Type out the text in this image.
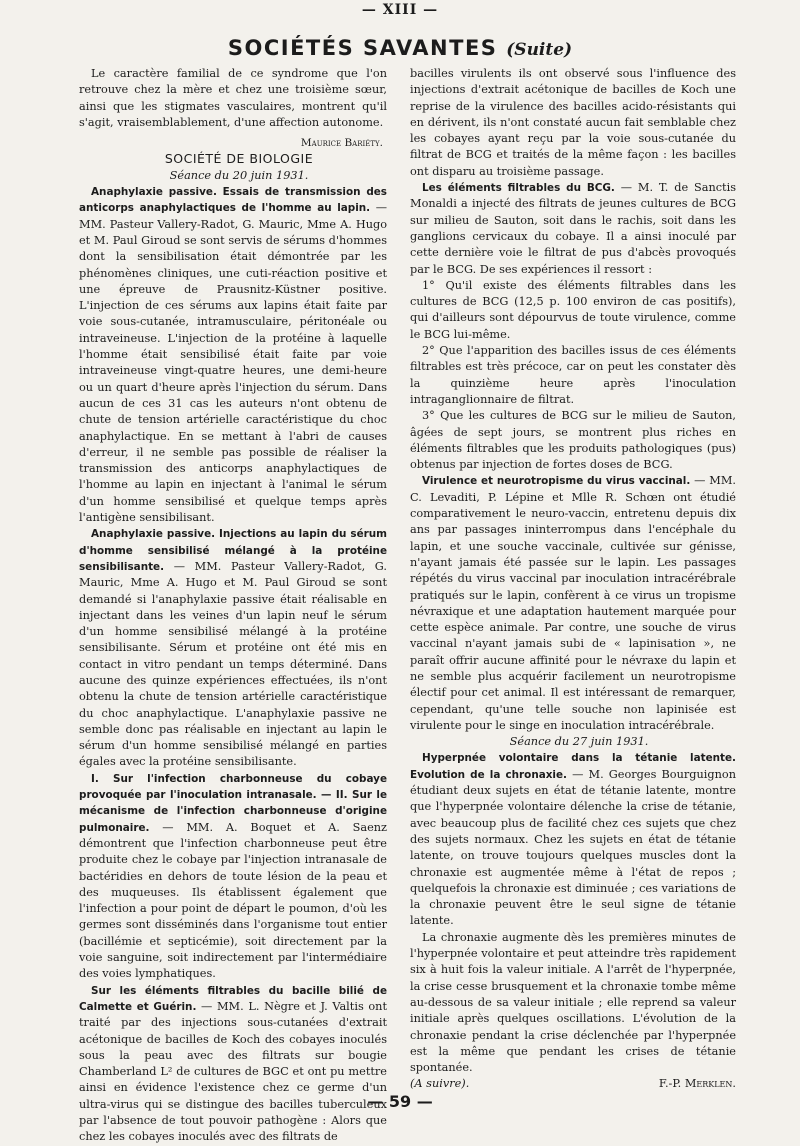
— XIII —
SOCIÉTÉS SAVANTES (Suite)

Le caractère familial de ce syndrome que l'on retrouve chez la mère et chez une troisième sœur, ainsi que les stigmates vasculaires, montrent qu'il s'agit, vraisemblablement, d'une affection autonome.

Maurice Bariéty.

SOCIÉTÉ DE BIOLOGIE

Séance du 20 juin 1931.

Anaphylaxie passive. Essais de transmission des anticorps anaphylactiques de l'homme au lapin. — MM. Pasteur Vallery-Radot, G. Mauric, Mme A. Hugo et M. Paul Giroud se sont servis de sérums d'hommes dont la sensibilisation était démontrée par les phénomènes cliniques, une cuti-réaction positive et une épreuve de Prausnitz-Küstner positive. L'injection de ces sérums aux lapins était faite par voie sous-cutanée, intramusculaire, péritonéale ou intraveineuse. L'injection de la protéine à laquelle l'homme était sensibilisé était faite par voie intraveineuse vingt-quatre heures, une demi-heure ou un quart d'heure après l'injection du sérum. Dans aucun de ces 31 cas les auteurs n'ont obtenu de chute de tension artérielle caractéristique du choc anaphylactique. En se mettant à l'abri de causes d'erreur, il ne semble pas possible de réaliser la transmission des anticorps anaphylactiques de l'homme au lapin en injectant à l'animal le sérum d'un homme sensibilisé et quelque temps après l'antigène sensibilisant.

Anaphylaxie passive. Injections au lapin du sérum d'homme sensibilisé mélangé à la protéine sensibilisante. — MM. Pasteur Vallery-Radot, G. Mauric, Mme A. Hugo et M. Paul Giroud se sont demandé si l'anaphylaxie passive était réalisable en injectant dans les veines d'un lapin neuf le sérum d'un homme sensibilisé mélangé à la protéine sensibilisante. Sérum et protéine ont été mis en contact in vitro pendant un temps déterminé. Dans aucune des quinze expériences effectuées, ils n'ont obtenu la chute de tension artérielle caractéristique du choc anaphylactique. L'anaphylaxie passive ne semble donc pas réalisable en injectant au lapin le sérum d'un homme sensibilisé mélangé en parties égales avec la protéine sensibilisante.

I. Sur l'infection charbonneuse du cobaye provoquée par l'inoculation intranasale. — II. Sur le mécanisme de l'infection charbonneuse d'origine pulmonaire. — MM. A. Boquet et A. Saenz démontrent que l'infection charbonneuse peut être produite chez le cobaye par l'injection intranasale de bactéridies en dehors de toute lésion de la peau et des muqueuses. Ils établissent également que l'infection a pour point de départ le poumon, d'où les germes sont disséminés dans l'organisme tout entier (bacillémie et septicémie), soit directement par la voie sanguine, soit indirectement par l'intermédiaire des voies lymphatiques.

Sur les éléments filtrables du bacille bilié de Calmette et Guérin. — MM. L. Nègre et J. Valtis ont traité par des injections sous-cutanées d'extrait acétonique de bacilles de Koch des cobayes inoculés sous la peau avec des filtrats sur bougie Chamberland L² de cultures de BGC et ont pu mettre ainsi en évidence l'existence chez ce germe d'un ultra-virus qui se distingue des bacilles tuberculeux par l'absence de tout pouvoir pathogène : Alors que chez les cobayes inoculés avec des filtrats de

bacilles virulents ils ont observé sous l'influence des injections d'extrait acétonique de bacilles de Koch une reprise de la virulence des bacilles acido-résistants qui en dérivent, ils n'ont constaté aucun fait semblable chez les cobayes ayant reçu par la voie sous-cutanée du filtrat de BCG et traités de la même façon : les bacilles ont disparu au troisième passage.

Les éléments filtrables du BCG. — M. T. de Sanctis Monaldi a injecté des filtrats de jeunes cultures de BCG sur milieu de Sauton, soit dans le rachis, soit dans les ganglions cervicaux du cobaye. Il a ainsi inoculé par cette dernière voie le filtrat de pus d'abcès provoqués par le BCG. De ses expériences il ressort :

1° Qu'il existe des éléments filtrables dans les cultures de BCG (12,5 p. 100 environ de cas positifs), qui d'ailleurs sont dépourvus de toute virulence, comme le BCG lui-même.

2° Que l'apparition des bacilles issus de ces éléments filtrables est très précoce, car on peut les constater dès la quinzième heure après l'inoculation intraganglionnaire de filtrat.

3° Que les cultures de BCG sur le milieu de Sauton, âgées de sept jours, se montrent plus riches en éléments filtrables que les produits pathologiques (pus) obtenus par injection de fortes doses de BCG.

Virulence et neurotropisme du virus vaccinal. — MM. C. Levaditi, P. Lépine et Mlle R. Schœn ont étudié comparativement le neuro-vaccin, entretenu depuis dix ans par passages ininterrompus dans l'encéphale du lapin, et une souche vaccinale, cultivée sur génisse, n'ayant jamais été passée sur le lapin. Les passages répétés du virus vaccinal par inoculation intracérébrale pratiqués sur le lapin, confèrent à ce virus un tropisme névraxique et une adaptation hautement marquée pour cette espèce animale. Par contre, une souche de virus vaccinal n'ayant jamais subi de « lapinisation », ne paraît offrir aucune affinité pour le névraxe du lapin et ne semble plus acquérir facilement un neurotropisme électif pour cet animal. Il est intéressant de remarquer, cependant, qu'une telle souche non lapinisée est virulente pour le singe en inoculation intracérébrale.

Séance du 27 juin 1931.

Hyperpnée volontaire dans la tétanie latente. Evolution de la chronaxie. — M. Georges Bourguignon étudiant deux sujets en état de tétanie latente, montre que l'hyperpnée volontaire délenche la crise de tétanie, avec beaucoup plus de facilité chez ces sujets que chez des sujets normaux. Chez les sujets en état de tétanie latente, on trouve toujours quelques muscles dont la chronaxie est augmentée même à l'état de repos ; quelquefois la chronaxie est diminuée ; ces variations de la chronaxie peuvent être le seul signe de tétanie latente.

La chronaxie augmente dès les premières minutes de l'hyperpnée volontaire et peut atteindre très rapidement six à huit fois la valeur initiale. A l'arrêt de l'hyperpnée, la crise cesse brusquement et la chronaxie tombe même au-dessous de sa valeur initiale ; elle reprend sa valeur initiale après quelques oscillations. L'évolution de la chronaxie pendant la crise déclenchée par l'hyperpnée est la même que pendant les crises de tétanie spontanée.

(A suivre).	F.-P. Merklen.
— 59 —
